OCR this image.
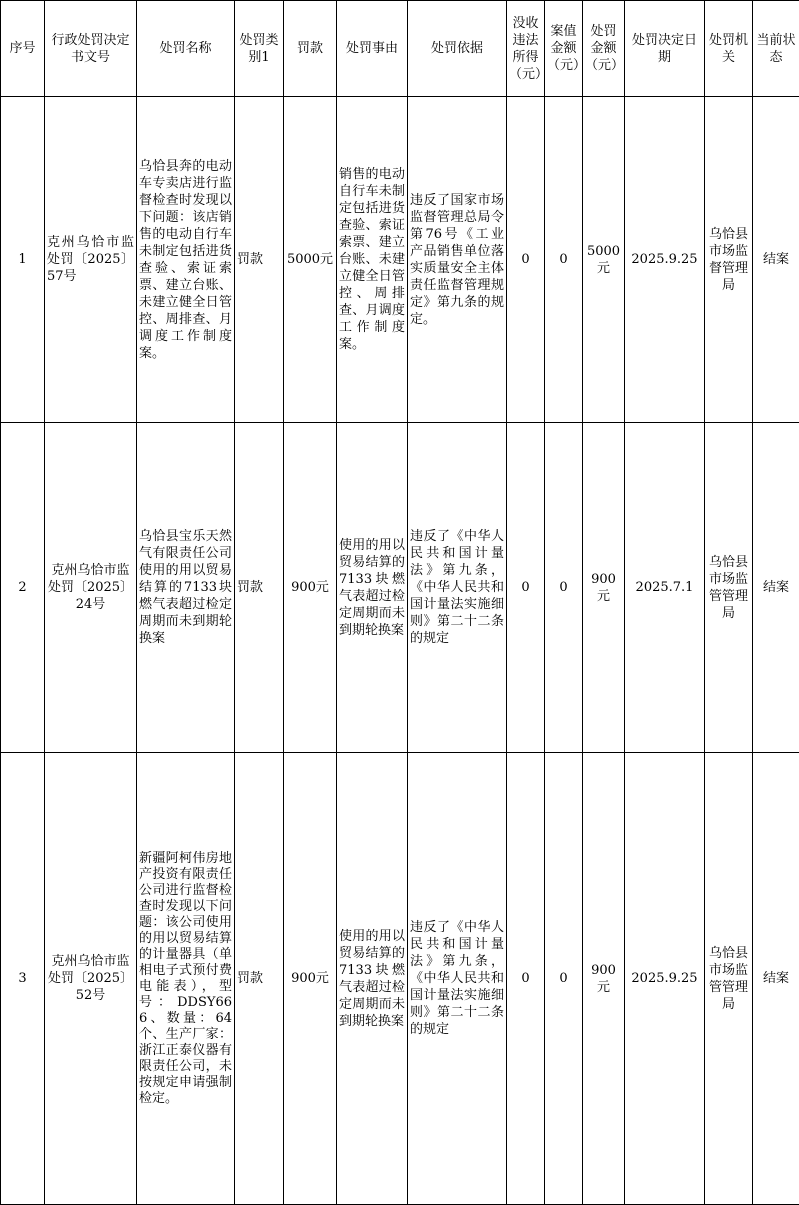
序号	行政处罚决定书文号	处罚名称	处罚类别1	罚款	处罚事由	处罚依据	没收违法所得（元）	案值金额（元）	处罚金额（元）	处罚决定日期	处罚机关	当前状态
1	克州乌恰市监处罚〔2025〕57号	乌恰县奔的电动车专卖店进行监督检查时发现以下问题：该店销售的电动自行车未制定包括进货查验、索证索票、建立台账、未建立健全日管控、周排查、月调度工作制度案。	罚款	5000元	销售的电动自行车未制定包括进货查验、索证索票、建立台账、未建立健全日管控、周排查、月调度工作制度案。	违反了国家市场监督管理总局令第76号《工业产品销售单位落实质量安全主体责任监督管理规定》第九条的规定。	0	0	5000元	2025.9.25	乌恰县市场监督管理局	结案
2	克州乌恰市监处罚〔2025〕24号	乌恰县宝乐天然气有限责任公司使用的用以贸易结算的7133块燃气表超过检定周期而未到期轮换案	罚款	900元	使用的用以贸易结算的7133块燃气表超过检定周期而未到期轮换案	违反了《中华人民共和国计量法》第九条，《中华人民共和国计量法实施细则》第二十二条的规定	0	0	900元	2025.7.1	乌恰县市场监管管理局	结案
3	克州乌恰市监处罚〔2025〕52号	新疆阿柯伟房地产投资有限责任公司进行监督检查时发现以下问题：该公司使用的用以贸易结算的计量器具（单相电子式预付费电能表），型号：DDSY666、数量：64个、生产厂家：浙江正泰仪器有限责任公司，未按规定申请强制检定。	罚款	900元	使用的用以贸易结算的7133块燃气表超过检定周期而未到期轮换案	违反了《中华人民共和国计量法》第九条，《中华人民共和国计量法实施细则》第二十二条的规定	0	0	900元	2025.9.25	乌恰县市场监管管理局	结案
